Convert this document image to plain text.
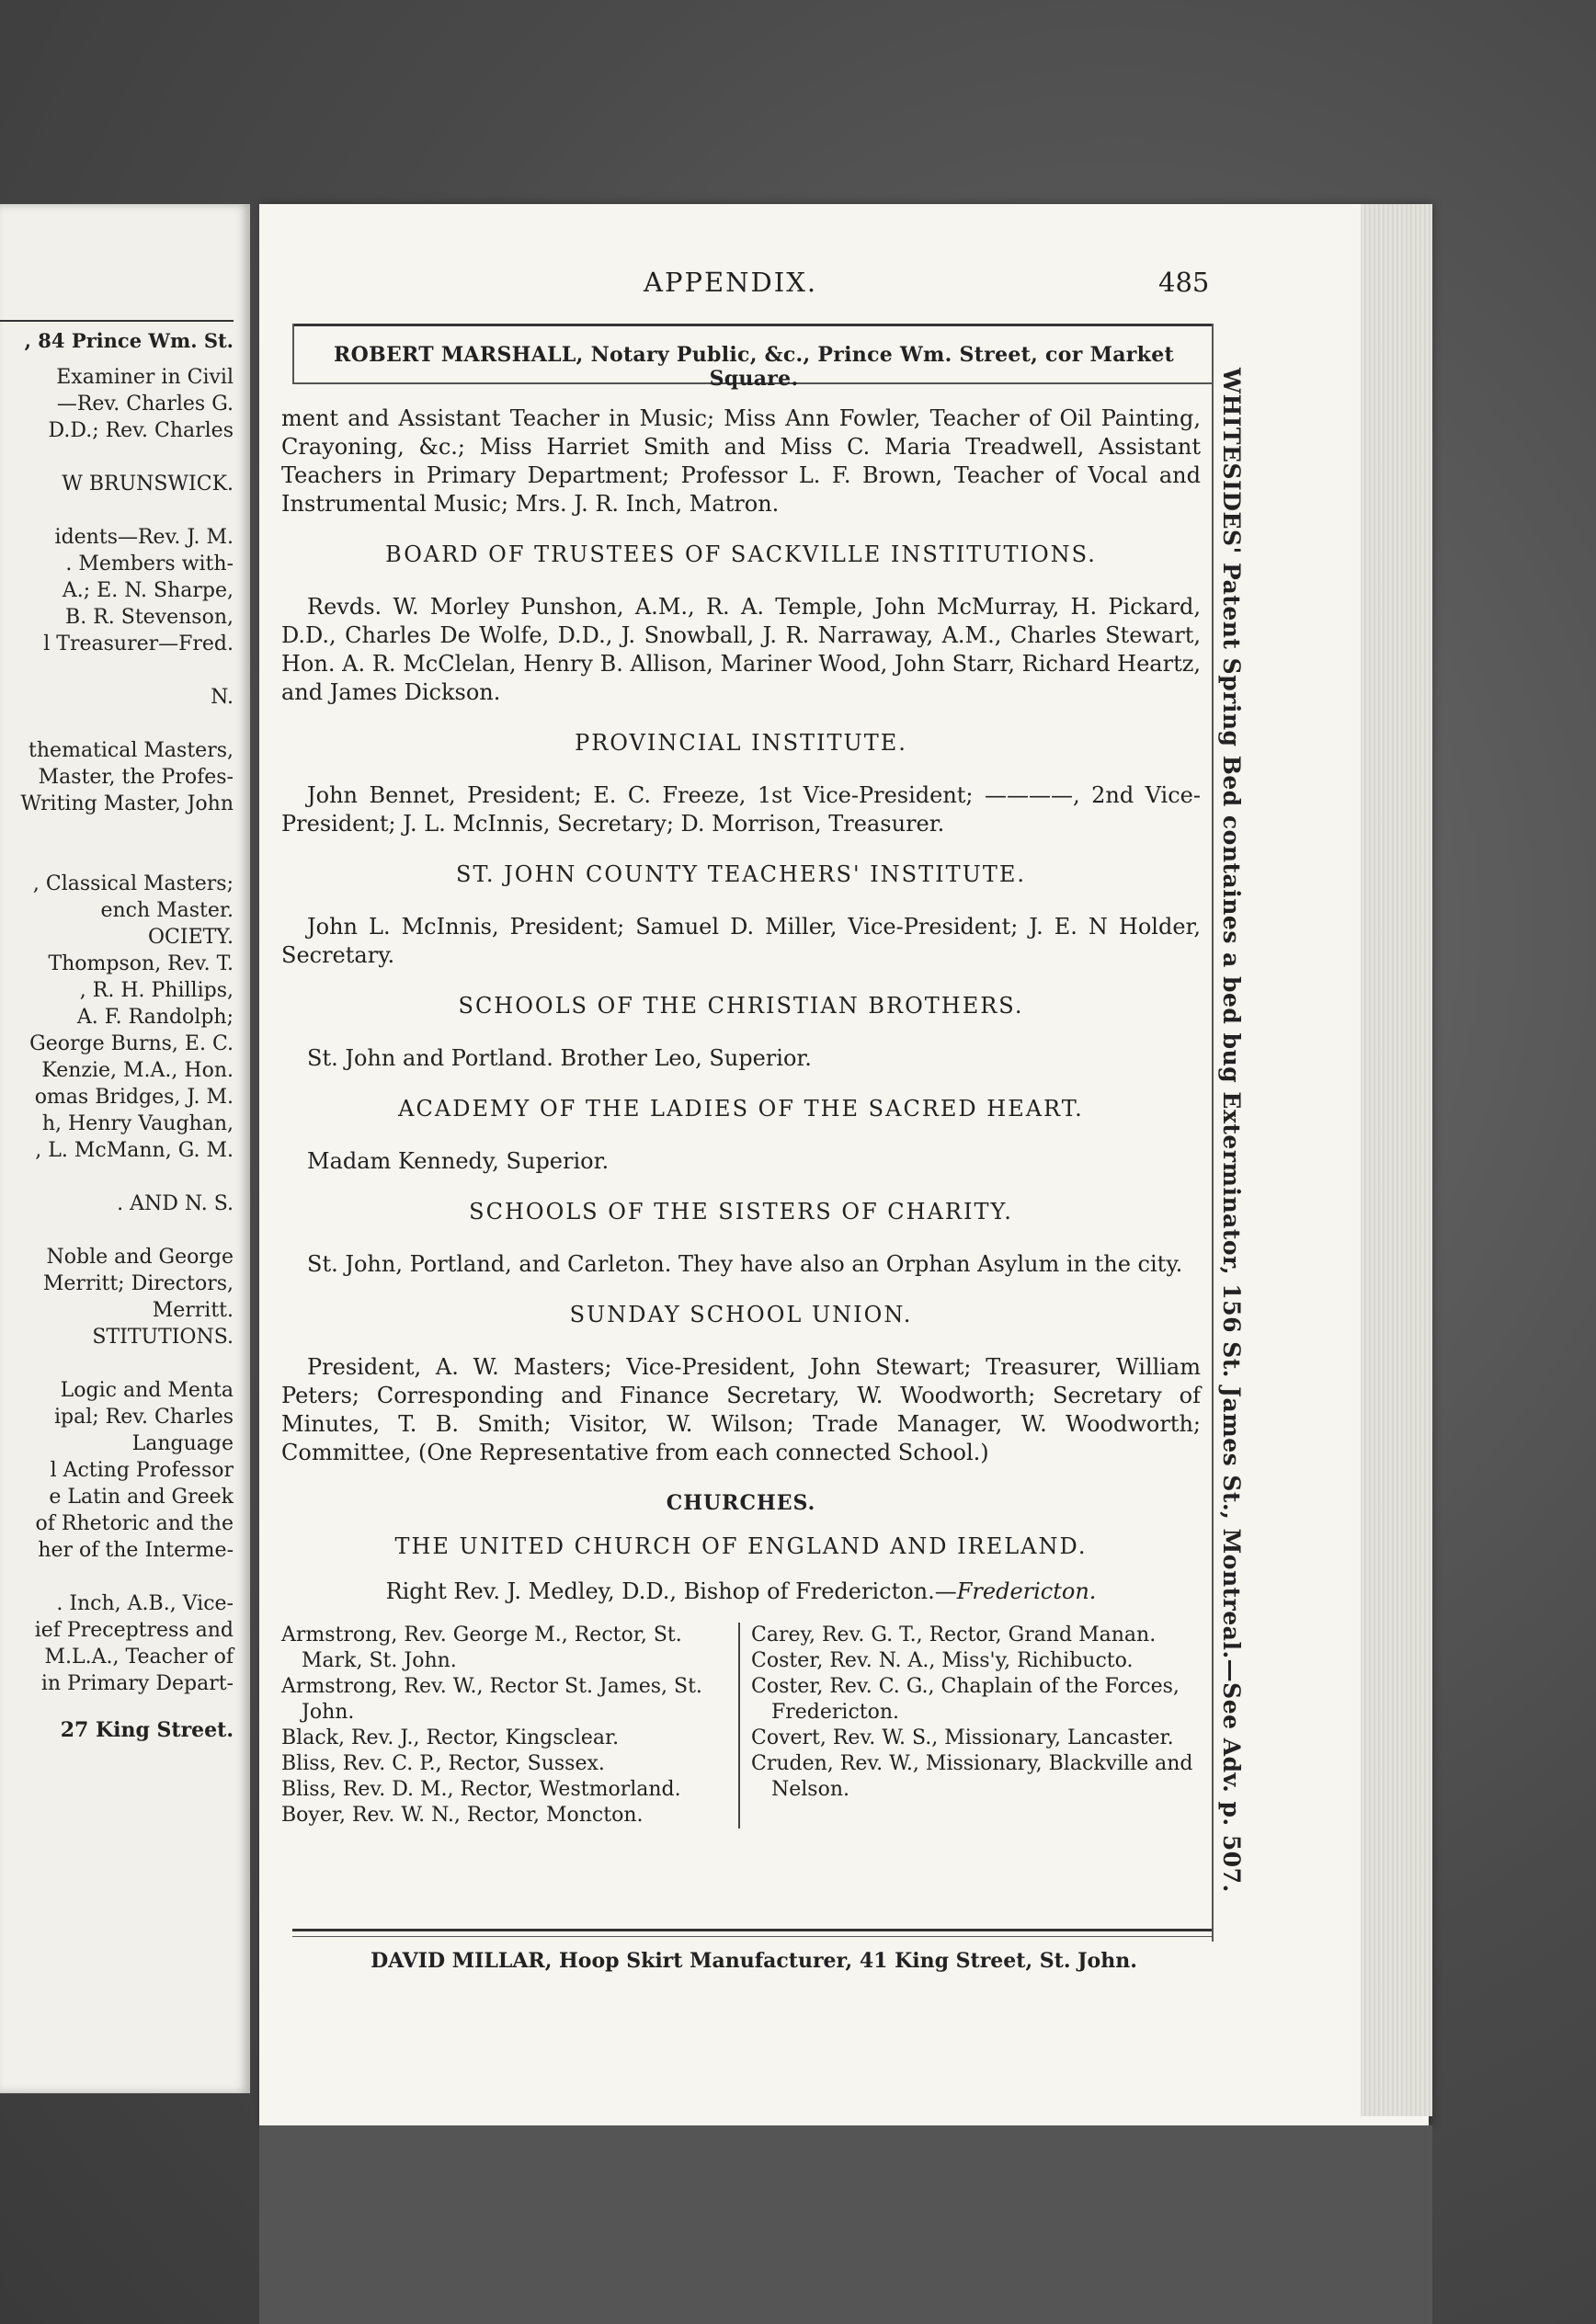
, 84 Prince Wm. St.
Examiner in Civil
—Rev. Charles G.
D.D.; Rev. Charles

W BRUNSWICK.

idents—Rev. J. M.
. Members with-
A.; E. N. Sharpe,
B. R. Stevenson,
l Treasurer—Fred.

N.

thematical Masters,
Master, the Profes-
Writing Master, John

, Classical Masters;
ench Master.
OCIETY.
Thompson, Rev. T.
, R. H. Phillips,
A. F. Randolph;
George Burns, E. C.
Kenzie, M.A., Hon.
omas Bridges, J. M.
h, Henry Vaughan,
, L. McMann, G. M.

. AND N. S.

Noble and George
Merritt; Directors,
Merritt.
STITUTIONS.

Logic and Menta
ipal; Rev. Charles
Language
l Acting Professor
e Latin and Greek
of Rhetoric and the
her of the Interme-

. Inch, A.B., Vice-
ief Preceptress and
M.L.A., Teacher of
in Primary Depart-
27 King Street.
APPENDIX.	485
ROBERT MARSHALL, Notary Public, &c., Prince Wm. Street, cor Market Square.

ment and Assistant Teacher in Music; Miss Ann Fowler, Teacher of Oil Painting, Crayoning, &c.; Miss Harriet Smith and Miss C. Maria Treadwell, Assistant Teachers in Primary Department; Professor L. F. Brown, Teacher of Vocal and Instrumental Music; Mrs. J. R. Inch, Matron.

BOARD OF TRUSTEES OF SACKVILLE INSTITUTIONS.

Revds. W. Morley Punshon, A.M., R. A. Temple, John McMurray, H. Pickard, D.D., Charles De Wolfe, D.D., J. Snowball, J. R. Narraway, A.M., Charles Stewart, Hon. A. R. McClelan, Henry B. Allison, Mariner Wood, John Starr, Richard Heartz, and James Dickson.

PROVINCIAL INSTITUTE.

John Bennet, President; E. C. Freeze, 1st Vice-President; ————, 2nd Vice-President; J. L. McInnis, Secretary; D. Morrison, Treasurer.

ST. JOHN COUNTY TEACHERS' INSTITUTE.

John L. McInnis, President; Samuel D. Miller, Vice-President; J. E. N Holder, Secretary.

SCHOOLS OF THE CHRISTIAN BROTHERS.

St. John and Portland. Brother Leo, Superior.

ACADEMY OF THE LADIES OF THE SACRED HEART.

Madam Kennedy, Superior.

SCHOOLS OF THE SISTERS OF CHARITY.

St. John, Portland, and Carleton. They have also an Orphan Asylum in the city.

SUNDAY SCHOOL UNION.

President, A. W. Masters; Vice-President, John Stewart; Treasurer, William Peters; Corresponding and Finance Secretary, W. Woodworth; Secretary of Minutes, T. B. Smith; Visitor, W. Wilson; Trade Manager, W. Woodworth; Committee, (One Representative from each connected School.)

CHURCHES.
THE UNITED CHURCH OF ENGLAND AND IRELAND.
Right Rev. J. Medley, D.D., Bishop of Fredericton.—Fredericton.
Armstrong, Rev. George M., Rector, St. Mark, St. John.
Armstrong, Rev. W., Rector St. James, St. John.
Black, Rev. J., Rector, Kingsclear.
Bliss, Rev. C. P., Rector, Sussex.
Bliss, Rev. D. M., Rector, Westmorland.
Boyer, Rev. W. N., Rector, Moncton.
Carey, Rev. G. T., Rector, Grand Manan.
Coster, Rev. N. A., Miss'y, Richibucto.
Coster, Rev. C. G., Chaplain of the Forces, Fredericton.
Covert, Rev. W. S., Missionary, Lancaster.
Cruden, Rev. W., Missionary, Blackville and Nelson.
DAVID MILLAR, Hoop Skirt Manufacturer, 41 King Street, St. John.
WHITESIDES' Patent Spring Bed containes a bed bug Exterminator, 156 St. James St., Montreal.—See Adv. p. 507.
